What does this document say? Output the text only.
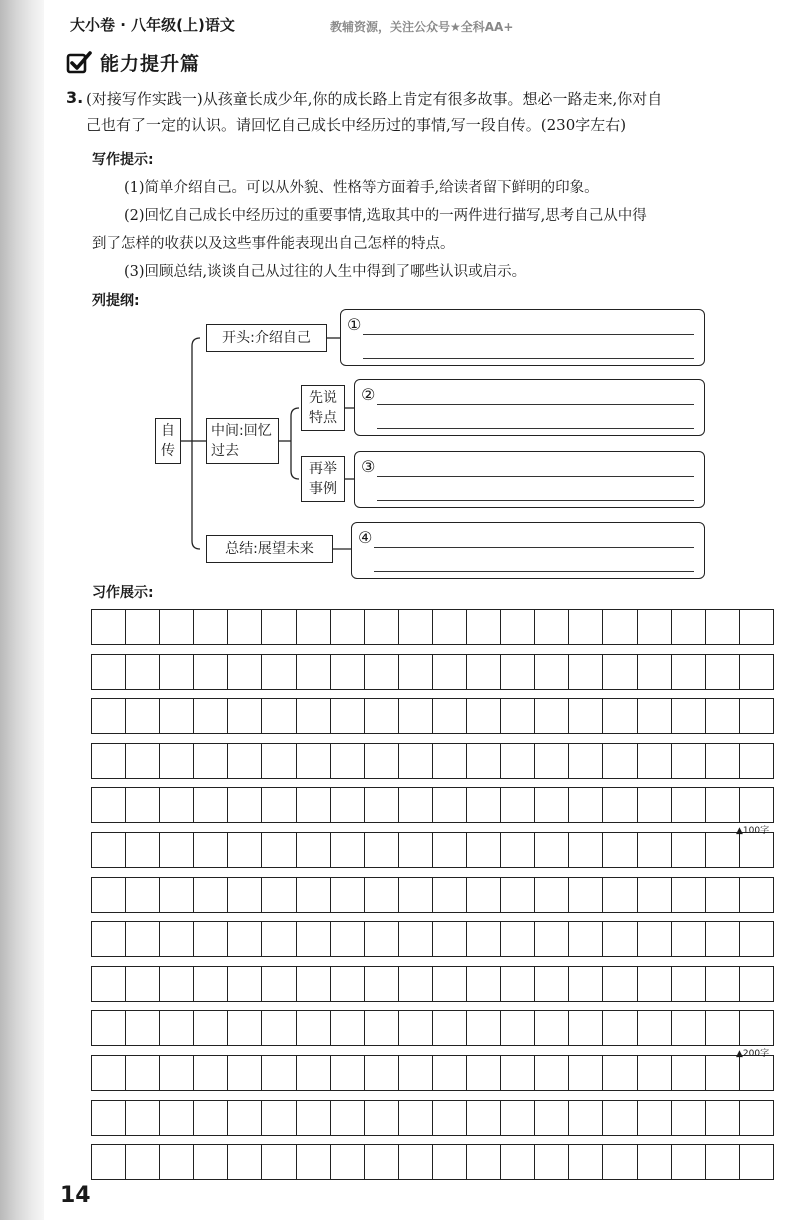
大小卷 · 八年级(上)语文	教辅资源，关注公众号★全科AA+
能力提升篇
3. (对接写作实践一)从孩童长成少年,你的成长路上肯定有很多故事。想必一路走来,你对自
己也有了一定的认识。请回忆自己成长中经历过的事情,写一段自传。(230字左右)
写作提示:
(1)简单介绍自己。可以从外貌、性格等方面着手,给读者留下鲜明的印象。
(2)回忆自己成长中经历过的重要事情,选取其中的一两件进行描写,思考自己从中得
到了怎样的收获以及这些事件能表现出自己怎样的特点。
(3)回顾总结,谈谈自己从过往的人生中得到了哪些认识或启示。
列提纲:
自传
开头:介绍自己
中间:回忆过去
先说特点
再举事例
总结:展望未来
①
②
③
④
习作展示:
▲100字
▲200字
14
